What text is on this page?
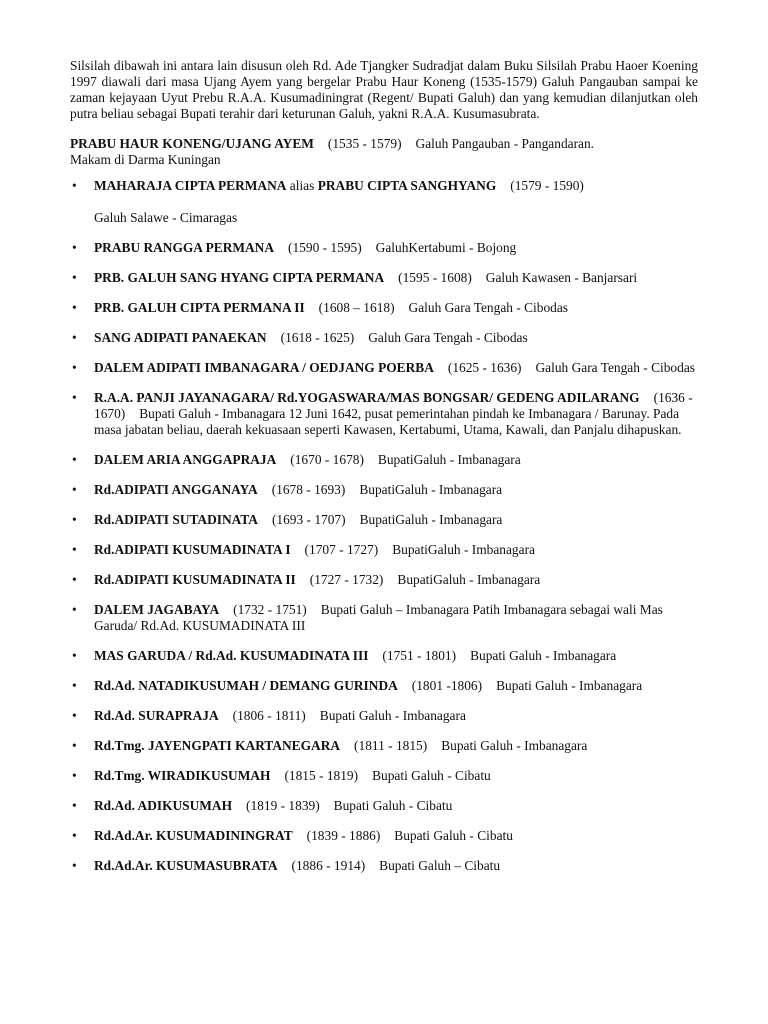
Silsilah dibawah ini antara lain disusun oleh Rd. Ade Tjangker Sudradjat dalam Buku Silsilah Prabu Haoer Koening 1997 diawali dari masa Ujang Ayem yang bergelar Prabu Haur Koneng (1535-1579) Galuh Pangauban sampai ke zaman kejayaan Uyut Prebu R.A.A. Kusumadiningrat (Regent/ Bupati Galuh) dan yang kemudian dilanjutkan oleh putra beliau sebagai Bupati terahir dari keturunan Galuh, yakni R.A.A. Kusumasubrata.

PRABU HAUR KONENG/UJANG AYEM (1535 - 1579) Galuh Pangauban - Pangandaran.
Makam di Darma Kuningan

• MAHARAJA CIPTA PERMANA alias PRABU CIPTA SANGHYANG (1579 - 1590)
Galuh Salawe - Cimaragas
• PRABU RANGGA PERMANA (1590 - 1595) GaluhKertabumi - Bojong
• PRB. GALUH SANG HYANG CIPTA PERMANA (1595 - 1608) Galuh Kawasen - Banjarsari
• PRB. GALUH CIPTA PERMANA II (1608 – 1618) Galuh Gara Tengah - Cibodas
• SANG ADIPATI PANAEKAN (1618 - 1625) Galuh Gara Tengah - Cibodas
• DALEM ADIPATI IMBANAGARA / OEDJANG POERBA (1625 - 1636) Galuh Gara Tengah - Cibodas
• R.A.A. PANJI JAYANAGARA/ Rd.YOGASWARA/MAS BONGSAR/ GEDENG ADILARANG (1636 - 1670) Bupati Galuh - Imbanagara 12 Juni 1642, pusat pemerintahan pindah ke Imbanagara / Barunay. Pada masa jabatan beliau, daerah kekuasaan seperti Kawasen, Kertabumi, Utama, Kawali, dan Panjalu dihapuskan.
• DALEM ARIA ANGGAPRAJA (1670 - 1678) BupatiGaluh - Imbanagara
• Rd.ADIPATI ANGGANAYA (1678 - 1693) BupatiGaluh - Imbanagara
• Rd.ADIPATI SUTADINATA (1693 - 1707) BupatiGaluh - Imbanagara
• Rd.ADIPATI KUSUMADINATA I (1707 - 1727) BupatiGaluh - Imbanagara
• Rd.ADIPATI KUSUMADINATA II (1727 - 1732) BupatiGaluh - Imbanagara
• DALEM JAGABAYA (1732 - 1751) Bupati Galuh – Imbanagara Patih Imbanagara sebagai wali Mas Garuda/ Rd.Ad. KUSUMADINATA III
• MAS GARUDA / Rd.Ad. KUSUMADINATA III (1751 - 1801) Bupati Galuh - Imbanagara
• Rd.Ad. NATADIKUSUMAH / DEMANG GURINDA (1801 -1806) Bupati Galuh - Imbanagara
• Rd.Ad. SURAPRAJA (1806 - 1811) Bupati Galuh - Imbanagara
• Rd.Tmg. JAYENGPATI KARTANEGARA (1811 - 1815) Bupati Galuh - Imbanagara
• Rd.Tmg. WIRADIKUSUMAH (1815 - 1819) Bupati Galuh - Cibatu
• Rd.Ad. ADIKUSUMAH (1819 - 1839) Bupati Galuh - Cibatu
• Rd.Ad.Ar. KUSUMADININGRAT (1839 - 1886) Bupati Galuh - Cibatu
• Rd.Ad.Ar. KUSUMASUBRATA (1886 - 1914) Bupati Galuh – Cibatu
